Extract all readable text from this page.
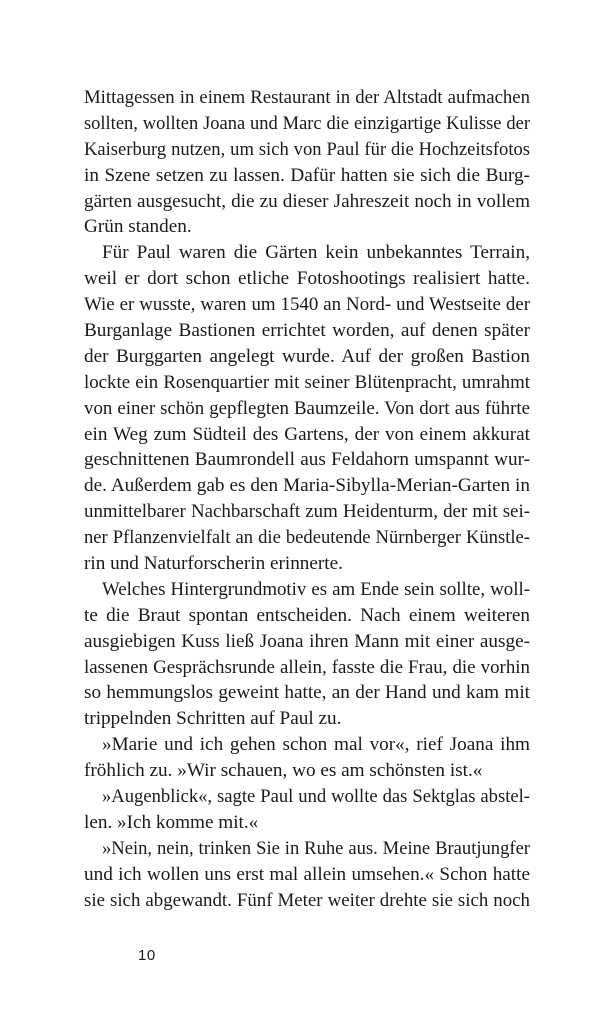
Mittagessen in einem Restaurant in der Altstadt aufmachen
sollten, wollten Joana und Marc die einzigartige Kulisse der
Kaiserburg nutzen, um sich von Paul für die Hochzeitsfotos
in Szene setzen zu lassen. Dafür hatten sie sich die Burg-
gärten ausgesucht, die zu dieser Jahreszeit noch in vollem
Grün standen.
Für Paul waren die Gärten kein unbekanntes Terrain,
weil er dort schon etliche Fotoshootings realisiert hatte.
Wie er wusste, waren um 1540 an Nord- und Westseite der
Burganlage Bastionen errichtet worden, auf denen später
der Burggarten angelegt wurde. Auf der großen Bastion
lockte ein Rosenquartier mit seiner Blütenpracht, umrahmt
von einer schön gepflegten Baumzeile. Von dort aus führte
ein Weg zum Südteil des Gartens, der von einem akkurat
geschnittenen Baumrondell aus Feldahorn umspannt wur-
de. Außerdem gab es den Maria-Sibylla-Merian-Garten in
unmittelbarer Nachbarschaft zum Heidenturm, der mit sei-
ner Pflanzenvielfalt an die bedeutende Nürnberger Künstle-
rin und Naturforscherin erinnerte.
Welches Hintergrundmotiv es am Ende sein sollte, woll-
te die Braut spontan entscheiden. Nach einem weiteren
ausgiebigen Kuss ließ Joana ihren Mann mit einer ausge-
lassenen Gesprächsrunde allein, fasste die Frau, die vorhin
so hemmungslos geweint hatte, an der Hand und kam mit
trippelnden Schritten auf Paul zu.
»Marie und ich gehen schon mal vor«, rief Joana ihm
fröhlich zu. »Wir schauen, wo es am schönsten ist.«
»Augenblick«, sagte Paul und wollte das Sektglas abstel-
len. »Ich komme mit.«
»Nein, nein, trinken Sie in Ruhe aus. Meine Brautjungfer
und ich wollen uns erst mal allein umsehen.« Schon hatte
sie sich abgewandt. Fünf Meter weiter drehte sie sich noch
10
